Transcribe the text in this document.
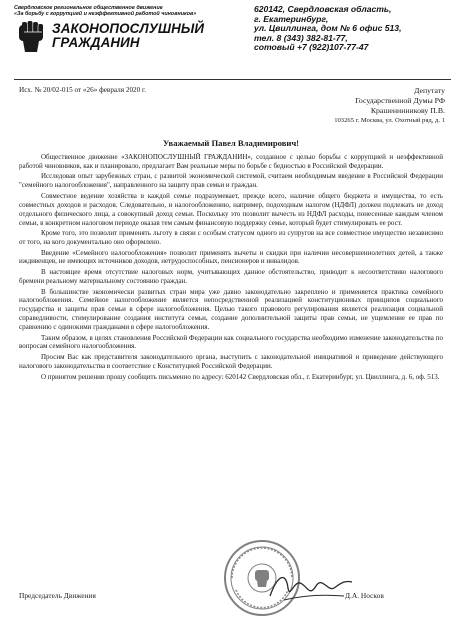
Свердловское региональное общественное движение
«За борьбу с коррупцией и неэффективной работой чиновников»
ЗАКОНОПОСЛУШНЫЙ
ГРАЖДАНИН
620142, Свердловская область,
г. Екатеринбург,
ул. Цвиллинга, дом № 6 офис 513,
тел. 8 (343) 382-81-77,
сотовый +7 (922)107-77-47
Исх. № 20/02-015 от «26» февраля 2020 г.	Депутату
Государственной Думы РФ
Крашенинникову П.В.
103265 г. Москва, ул. Охотный ряд, д. 1
Уважаемый Павел Владимирович!

Общественное движение «ЗАКОНОПОСЛУШНЫЙ ГРАЖДАНИН», созданное с целью борьбы с коррупцией и неэффективной работой чиновников, как и планировало, предлагает Вам реальные меры по борьбе с бедностью в Российской Федерации.

Исследовав опыт зарубежных стран, с развитой экономической системой, считаем необходимым введение в Российской Федерации "семейного налогообложения", направленного на защиту прав семьи и граждан.

Совместное ведение хозяйства в каждой семье подразумевает, прежде всего, наличие общего бюджета и имущества, то есть совместных доходов и расходов. Следовательно, и налогообложению, например, подоходным налогом (НДФЛ) должен подлежать не доход отдельного физического лица, а совокупный доход семьи. Поскольку это позволит вычесть из НДФЛ расходы, понесенные каждым членом семьи, в конкретном налоговом периоде оказав тем самым финансовую поддержку семье, который будет стимулировать ее рост.

Кроме того, это позволит применять льготу в связи с особым статусом одного из супругов на все совместное имущество независимо от того, на кого документально оно оформлено.

Введение «Семейного налогообложения» позволит применять вычеты и скидки при наличии несовершеннолетних детей, а также иждивенцев, не имеющих источников доходов, нетрудоспособных, пенсионеров и инвалидов.

В настоящее время отсутствие налоговых норм, учитывающих данное обстоятельство, приводит к несоответствию налогового бремени реальному материальному состоянию граждан.

В большинстве экономически развитых стран мира уже давно законодательно закреплено и применяется практика семейного налогообложения. Семейное налогообложение является непосредственной реализацией конституционных принципов социального государства и защиты прав семьи в сфере налогообложения. Целью такого правового регулирования является реализация социальной справедливости, стимулирование создания института семьи, создание дополнительной защиты прав семьи, не ущемление ее прав по сравнению с одинокими гражданами в сфере налогообложения.

Таким образом, в целях становления Российской Федерации как социального государства необходимо изменение законодательства по вопросам семейного налогообложения.

Просим Вас как представителя законодательного органа, выступить с законодательной инициативой и приведение действующего налогового законодательства в соответствие с Конституцией Российской Федерации.

О принятом решении прошу сообщить письменно по адресу: 620142 Свердловская обл., г. Екатеринбург, ул. Цвиллинга, д. 6, оф. 513.

Председатель Движения	Д.А. Носков
